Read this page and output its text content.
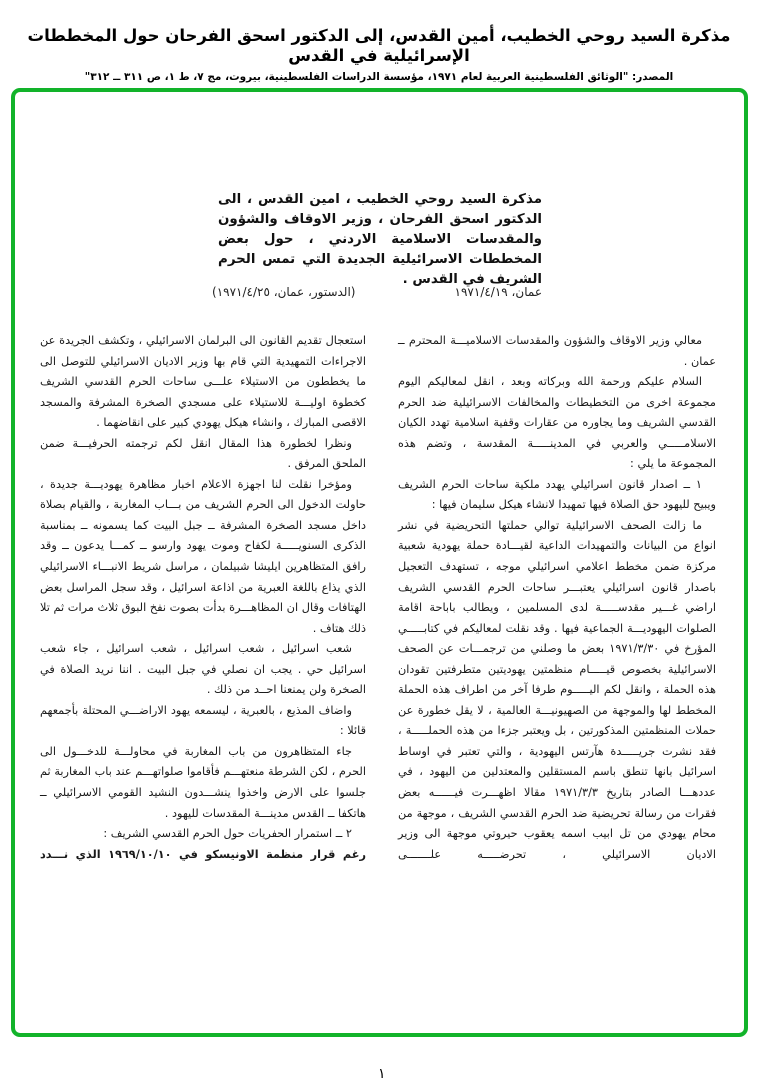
مذكرة السيد روحي الخطيب، أمين القدس، إلى الدكتور اسحق الفرحان حول المخططات الإسرائيلية في القدس
المصدر: "الوثائق الفلسطينية العربية لعام ١٩٧١، مؤسسة الدراسات الفلسطينية، بيروت، مج ٧، ط ١، ص ٣١١ ــ ٣١٢"
مذكرة السيد روحي الخطيب ، امين القدس ، الى الدكتور اسحق الفرحان ، وزير الاوقاف والشؤون والمقدسات الاسلامية الاردني ، حول بعض المخططات الاسرائيلية الجديدة التي تمس الحرم الشريف في القدس .
عمان، ١٩٧١/٤/١٩
(الدستور، عمان، ١٩٧١/٤/٢٥)

معالي وزير الاوقاف والشؤون والمقدسات الاسلاميـــة المحترم ــ عمان .

السلام عليكم ورحمة الله وبركاته وبعد ، انقل لمعاليكم اليوم مجموعة اخرى من التخطيطات والمخالفات الاسرائيلية ضد الحرم القدسي الشريف وما يجاوره من عقارات وقفية اسلامية تهدد الكيان الاسلامـــــي والعربي في المدينـــــة المقدسة ، وتضم هذه المجموعة ما يلي :

١ ــ اصدار قانون اسرائيلي يهدد ملكية ساحات الحرم الشريف ويبيح لليهود حق الصلاة فيها تمهيدا لانشاء هيكل سليمان فيها :

ما زالت الصحف الاسرائيلية توالي حملتها التحريضية في نشر انواع من البيانات والتمهيدات الداعية لقيـــادة حملة يهودية شعبية مركزة ضمن مخطط اعلامي اسرائيلي موجه ، تستهدف التعجيل باصدار قانون اسرائيلي يعتبـــر ساحات الحرم القدسي الشريف اراضي غـــير مقدســـــة لدى المسلمين ، ويطالب باباحة اقامة الصلوات اليهوديـــة الجماعية فيها . وقد نقلت لمعاليكم في كتابـــــي المؤرخ في ١٩٧١/٣/٣٠ بعض ما وصلني من ترجمـــات عن الصحف الاسرائيلية بخصوص قيـــــام منظمتين يهوديتين متطرفتين تقودان هذه الحملة ، وانقل لكم اليـــــوم طرفا آخر من اطراف هذه الحملة المخطط لها والموجهة من الصهيونيـــة العالمية ، لا يقل خطورة عن حملات المنظمتين المذكورتين ، بل ويعتبر جزءا من هذه الحملـــــة ، فقد نشرت جريـــــدة هآرتس اليهودية ، والتي تعتبر في اوساط اسرائيل بانها تنطق باسم المستقلين والمعتدلين من اليهود ، في عددهـــا الصادر بتاريخ ١٩٧١/٣/٣ مقالا اظهـــرت فيــــــه بعض فقرات من رسالة تحريضية ضد الحرم القدسي الشريف ، موجهة من محام يهودي من تل ابيب اسمه يعقوب حيروتي موجهة الى وزير الاديان الاسرائيلي ، تحرضـــــه علـــــــى

استعجال تقديم القانون الى البرلمان الاسرائيلي ، وتكشف الجريدة عن الاجراءات التمهيدية التي قام بها وزير الاديان الاسرائيلي للتوصل الى ما يخططون من الاستيلاء علـــى ساحات الحرم القدسي الشريف كخطوة اوليـــة للاستيلاء على مسجدي الصخرة المشرفة والمسجد الاقصى المبارك ، وانشاء هيكل يهودي كبير على انقاضهما .

ونظرا لخطورة هذا المقال انقل لكم ترجمته الحرفيـــة ضمن الملحق المرفق .

ومؤخرا نقلت لنا اجهزة الاعلام اخبار مظاهرة يهوديـــة جديدة ، حاولت الدخول الى الحرم الشريف من بـــاب المغاربة ، والقيام بصلاة داخل مسجد الصخرة المشرفة ــ جبل البيت كما يسمونه ــ بمناسبة الذكرى السنويـــــة لكفاح وموت يهود وارسو ــ كمـــا يدعون ــ وقد رافق المتظاهرين ايليشا شبيلمان ، مراسل شريط الانبـــاء الاسرائيلي الذي يذاع باللغة العبرية من اذاعة اسرائيل ، وقد سجل المراسل بعض الهتافات وقال ان المظاهـــرة بدأت بصوت نفخ البوق ثلاث مرات ثم تلا ذلك هتاف .

شعب اسرائيل ، شعب اسرائيل ، شعب اسرائيل ، جاء شعب اسرائيل حي . يجب ان نصلي في جبل البيت . اننا نريد الصلاة في الصخرة ولن يمنعنا احــد من ذلك .

واضاف المذيع ، بالعبرية ، ليسمعه يهود الاراضـــي المحتلة بأجمعهم قائلا :

جاء المتظاهرون من باب المغاربة في محاولـــة للدخـــول الى الحرم ، لكن الشرطة منعتهـــم فأقاموا صلواتهـــم عند باب المغاربة ثم جلسوا على الارض واخذوا ينشـــدون النشيد القومي الاسرائيلي ــ هاتكفا ــ القدس مدينـــة المقدسات لليهود .

٢ ــ استمرار الحفريات حول الحرم القدسي الشريف :

رغم قرار منظمة الاونيسكو في ١٩٦٩/١٠/١٠ الذي نـــدد

١
